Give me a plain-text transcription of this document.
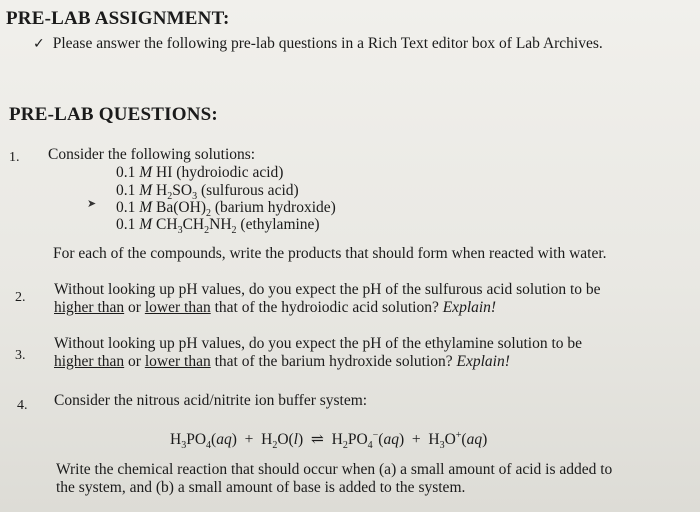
PRE-LAB ASSIGNMENT:
✓ Please answer the following pre-lab questions in a Rich Text editor box of Lab Archives.
PRE-LAB QUESTIONS:
1. Consider the following solutions:
0.1 M HI (hydroiodic acid)
0.1 M $H_2SO_3$ (sulfurous acid)
➤ 0.1 M $Ba(OH)_2$ (barium hydroxide)
0.1 M $CH_3CH_2NH_2$ (ethylamine)
For each of the compounds, write the products that should form when reacted with water.
2. Without looking up pH values, do you expect the pH of the sulfurous acid solution to be
higher than or lower than that of the hydroiodic acid solution? Explain!
3.
Without looking up pH values, do you expect the pH of the ethylamine solution to be
higher than or lower than that of the barium hydroxide solution? Explain!
4. Consider the nitrous acid/nitrite ion buffer system:
$H_3PO_4(aq) + H_2O(l)$  ⇌  $H_2PO_4^-(aq) + H_3O^+(aq)$
Write the chemical reaction that should occur when (a) a small amount of acid is added to
the system, and (b) a small amount of base is added to the system.
